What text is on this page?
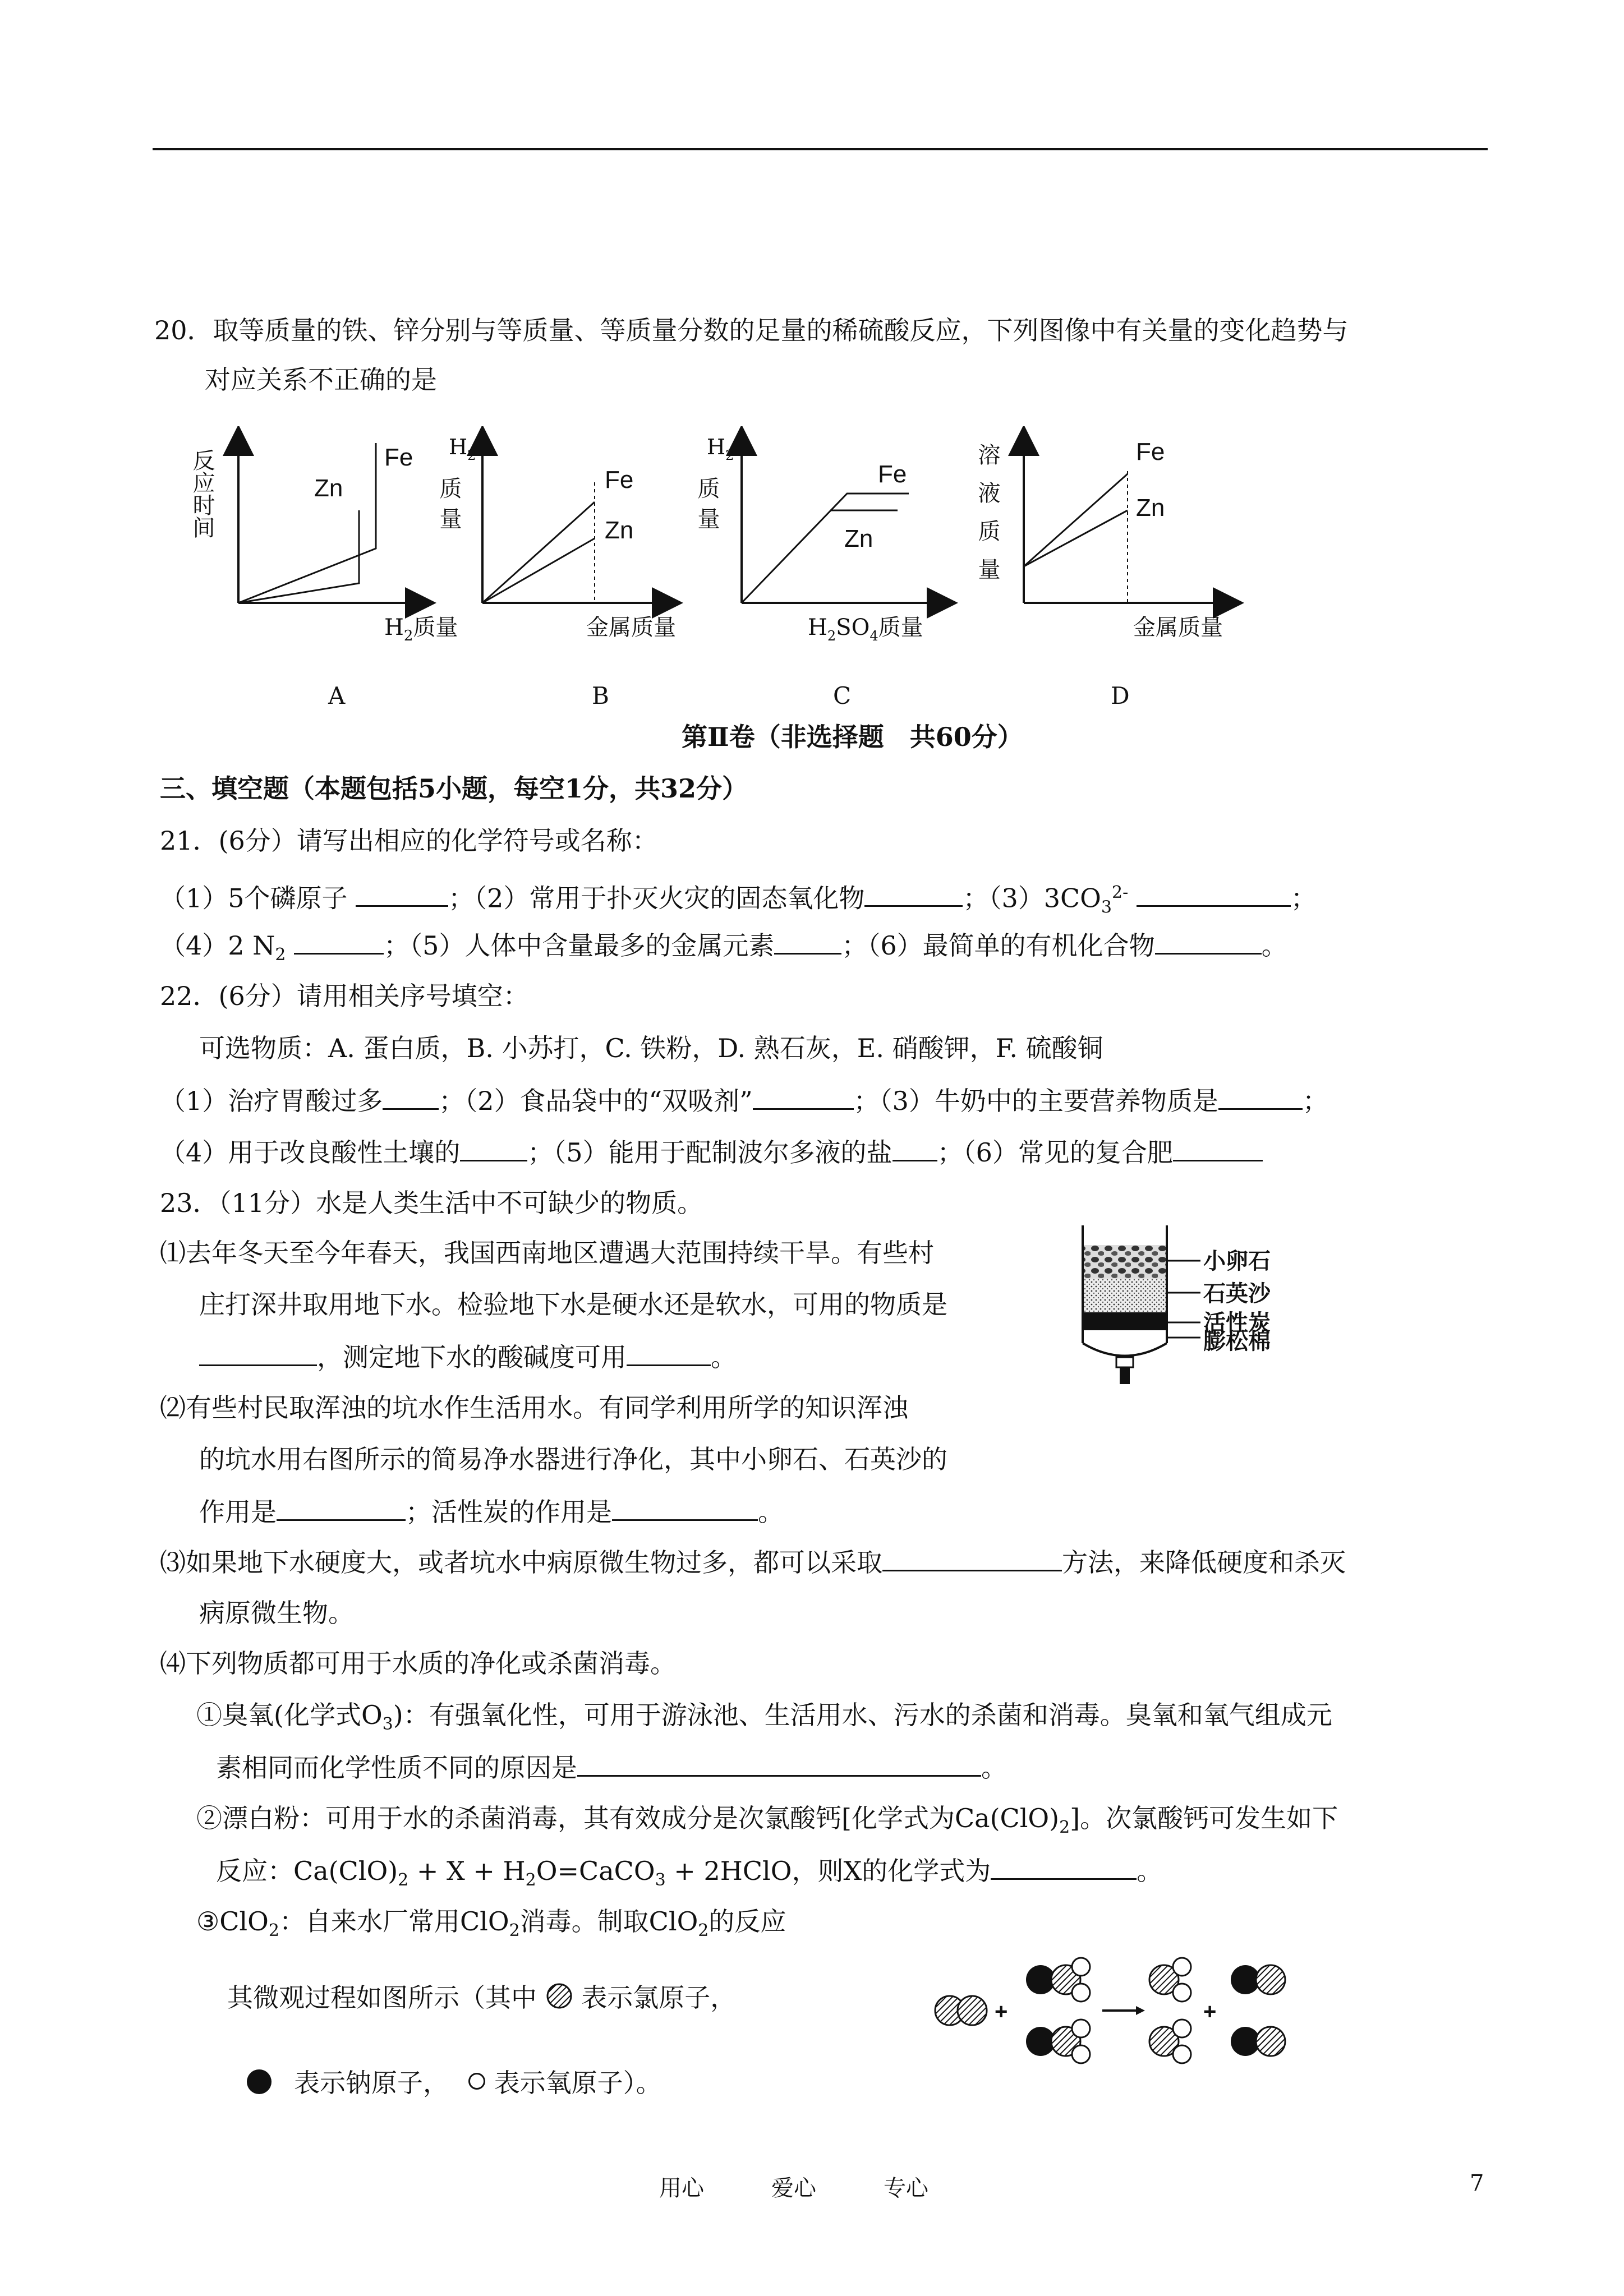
20．取等质量的铁、锌分别与等质量、等质量分数的足量的稀硫酸反应，下列图像中有关量的变化趋势与
对应关系不正确的是
反应时间	Fe
Zn
$H_2$质量
A
$H_2$
质量	Fe
Zn
金属质量
B
$H_2$
质量
Fe
Zn
$H_2SO_4$质量
C
溶液质量	Fe
Zn
金属质量
D
第Ⅱ卷（非选择题　共60分）
三、填空题（本题包括5小题，每空1分，共32分）
21．(6分）请写出相应的化学符号或名称：
（1）5个磷原子	；（2）常用于扑灭火灾的固态氧化物	；$(3)3CO_3^{2-}$	；
（4）2 $N_2$	；（5）人体中含量最多的金属元素	；（6）最简单的有机化合物	。
22．(6分）请用相关序号填空：
可选物质：A. 蛋白质，B. 小苏打，C. 铁粉，D. 熟石灰，E. 硝酸钾，F. 硫酸铜
（1）治疗胃酸过多 ；（2）食品袋中的“双吸剂”	；（3）牛奶中的主要营养物质是	；
（4）用于改良酸性土壤的	；（5）能用于配制波尔多液的盐 ；（6）常见的复合肥
23．（11分）水是人类生活中不可缺少的物质。
⑴去年冬天至今年春天，我国西南地区遭遇大范围持续干旱。有些村
庄打深井取用地下水。检验地下水是硬水还是软水，可用的物质是
，测定地下水的酸碱度可用	。
⑵有些村民取浑浊的坑水作生活用水。有同学利用所学的知识浑浊
的坑水用右图所示的简易净水器进行净化，其中小卵石、石英沙的
作用是	；活性炭的作用是	。
⑶如果地下水硬度大，或者坑水中病原微生物过多，都可以采取	方法，来降低硬度和杀灭
病原微生物。
⑷下列物质都可用于水质的净化或杀菌消毒。
①臭氧(化学式$O_3$)：有强氧化性，可用于游泳池、生活用水、污水的杀菌和消毒。臭氧和氧气组成元
素相同而化学性质不同的原因是	。
②漂白粉：可用于水的杀菌消毒，其有效成分是次氯酸钙[化学式为$Ca(ClO)_2$]。次氯酸钙可发生如下
反应：$Ca(ClO)_2 + X$ + $H_2O=CaCO_3$ + 2HClO，则X的化学式为	。
③ClO$_2$：自来水厂常用ClO$_2$消毒。制取ClO$_2$的反应
其微观过程如图所示（其中 表示氯原子，
表示钠原子， 表示氧原子）。
+	+
小卵石
石英沙
活性炭
膨松棉
用心	爱心	专心	7
